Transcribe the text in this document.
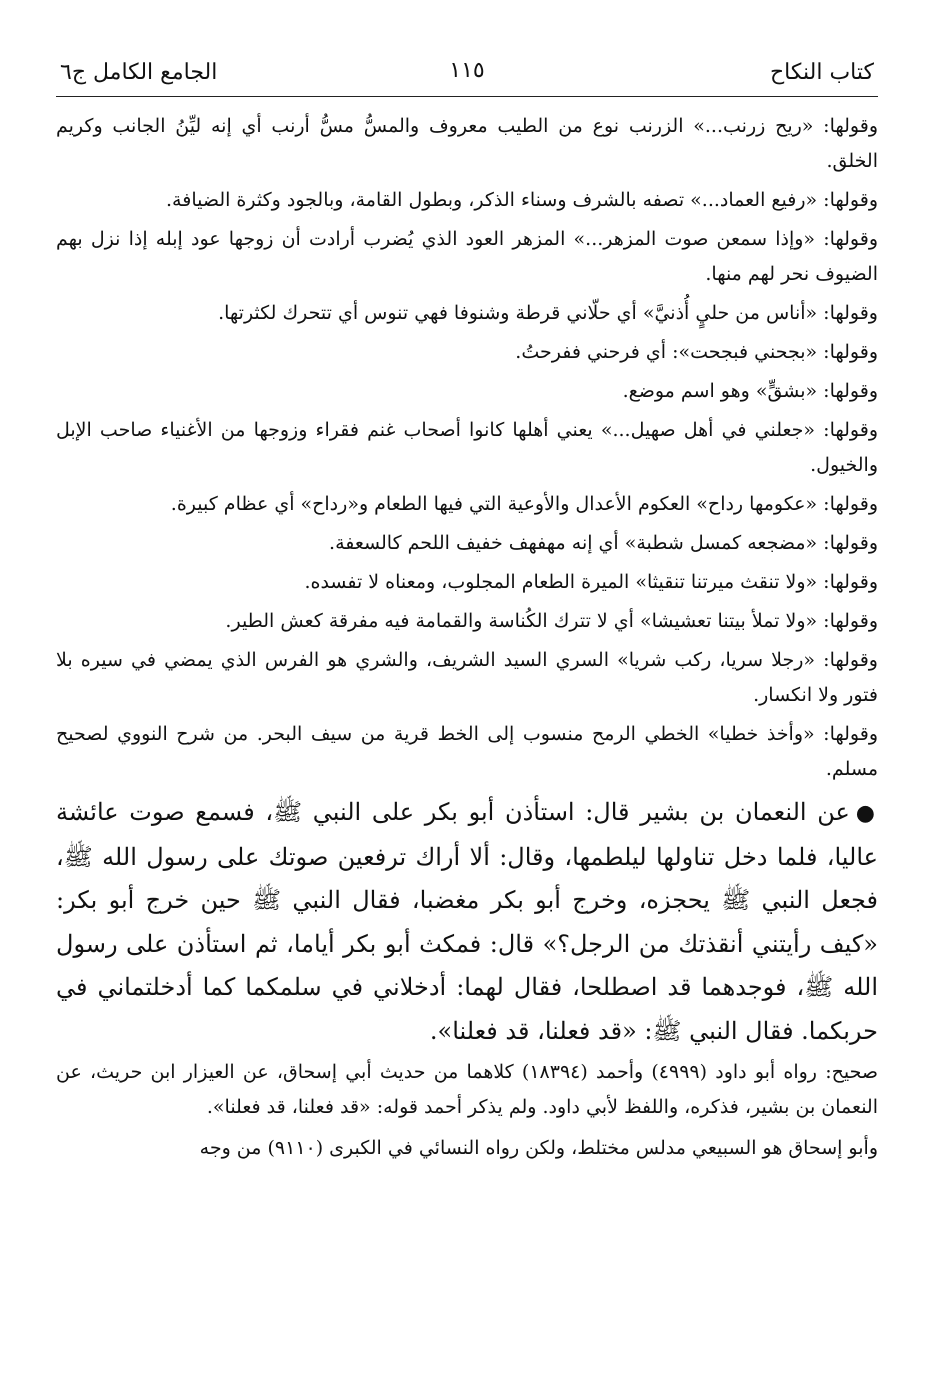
كتاب النكاح
١١٥
الجامع الكامل ج٦

وقولها: «ريح زرنب...» الزرنب نوع من الطيب معروف والمسُّ مسُّ أرنب أي إنه ليِّنُ الجانب وكريم الخلق.

وقولها: «رفيع العماد...» تصفه بالشرف وسناء الذكر، وبطول القامة، وبالجود وكثرة الضيافة.

وقولها: «وإذا سمعن صوت المزهر...» المزهر العود الذي يُضرب أرادت أن زوجها عود إبله إذا نزل بهم الضيوف نحر لهم منها.

وقولها: «أناس من حليٍ أُذنيَّ» أي حلّاني قرطة وشنوفا فهي تنوس أي تتحرك لكثرتها.

وقولها: «بجحني فبجحت»: أي فرحني ففرحتُ.

وقولها: «بشقٍّ» وهو اسم موضع.

وقولها: «جعلني في أهل صهيل...» يعني أهلها كانوا أصحاب غنم فقراء وزوجها من الأغنياء صاحب الإبل والخيول.

وقولها: «عكومها رداح» العكوم الأعدال والأوعية التي فيها الطعام و«رداح» أي عظام كبيرة.

وقولها: «مضجعه كمسل شطبة» أي إنه مهفهف خفيف اللحم كالسعفة.

وقولها: «ولا تنقث ميرتنا تنقيثا» الميرة الطعام المجلوب، ومعناه لا تفسده.

وقولها: «ولا تملأ بيتنا تعشيشا» أي لا تترك الكُناسة والقمامة فيه مفرقة كعش الطير.

وقولها: «رجلا سريا، ركب شريا» السري السيد الشريف، والشري هو الفرس الذي يمضي في سيره بلا فتور ولا انكسار.

وقولها: «وأخذ خطيا» الخطي الرمح منسوب إلى الخط قرية من سيف البحر. من شرح النووي لصحيح مسلم.

●عن النعمان بن بشير قال: استأذن أبو بكر على النبي ﷺ، فسمع صوت عائشة عاليا، فلما دخل تناولها ليلطمها، وقال: ألا أراك ترفعين صوتك على رسول الله ﷺ، فجعل النبي ﷺ يحجزه، وخرج أبو بكر مغضبا، فقال النبي ﷺ حين خرج أبو بكر: «كيف رأيتني أنقذتك من الرجل؟» قال: فمكث أبو بكر أياما، ثم استأذن على رسول الله ﷺ، فوجدهما قد اصطلحا، فقال لهما: أدخلاني في سلمكما كما أدخلتماني في حربكما. فقال النبي ﷺ: «قد فعلنا، قد فعلنا».

صحيح: رواه أبو داود (٤٩٩٩) وأحمد (١٨٣٩٤) كلاهما من حديث أبي إسحاق، عن العيزار ابن حريث، عن النعمان بن بشير، فذكره، واللفظ لأبي داود. ولم يذكر أحمد قوله: «قد فعلنا، قد فعلنا».

وأبو إسحاق هو السبيعي مدلس مختلط، ولكن رواه النسائي في الكبرى (٩١١٠) من وجه
